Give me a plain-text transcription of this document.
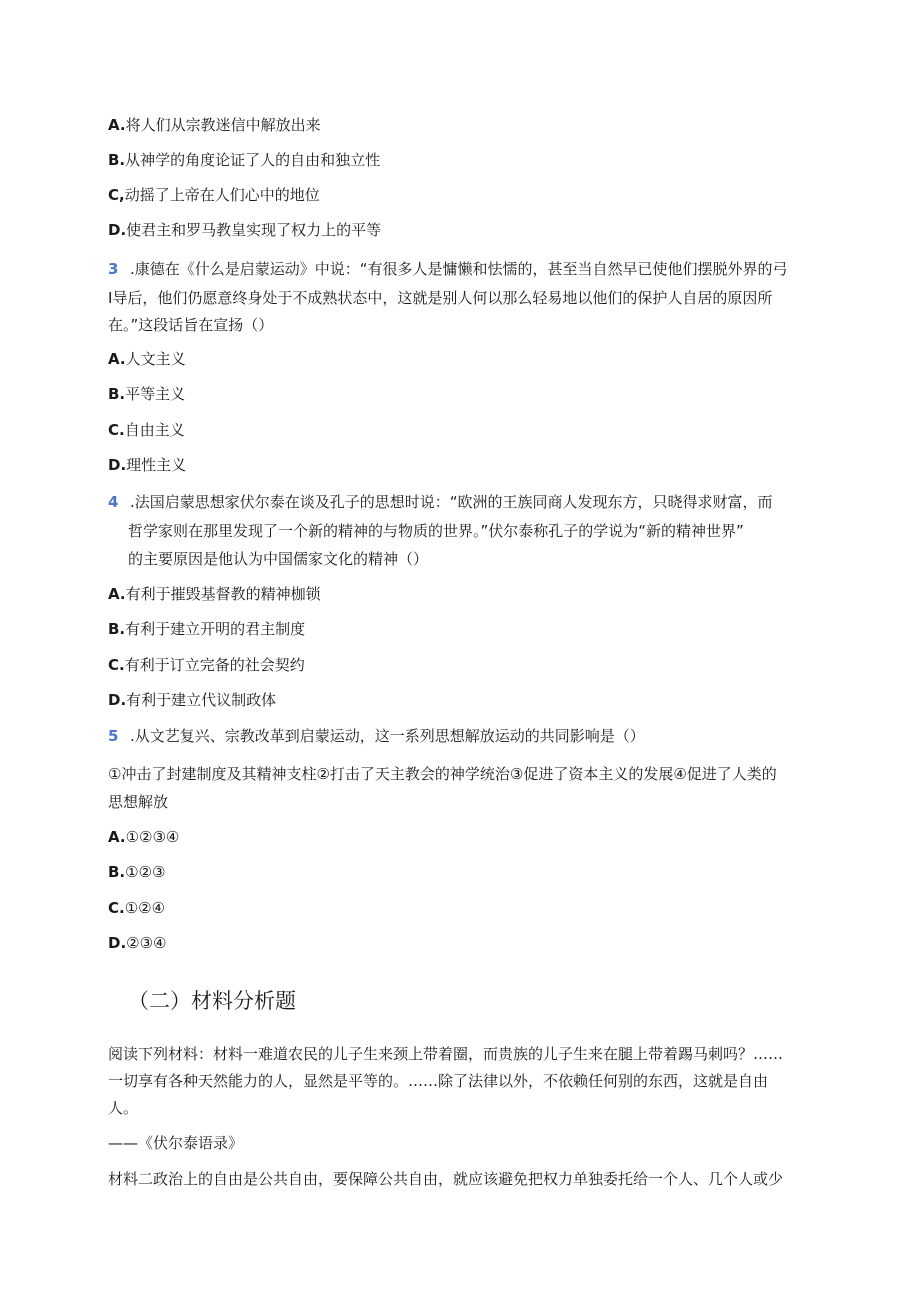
A.将人们从宗教迷信中解放出来
B.从神学的角度论证了人的自由和独立性
C,动摇了上帝在人们心中的地位
D.使君主和罗马教皇实现了权力上的平等
3 .康德在《什么是启蒙运动》中说：“有很多人是慵懒和怯懦的，甚至当自然早已使他们摆脱外界的弓
I导后，他们仍愿意终身处于不成熟状态中，这就是别人何以那么轻易地以他们的保护人自居的原因所
在。”这段话旨在宣扬（）
A.人文主义
B.平等主义
C.自由主义
D.理性主义
4 .法国启蒙思想家伏尔泰在谈及孔子的思想时说：“欧洲的王族同商人发现东方，只晓得求财富，而
哲学家则在那里发现了一个新的精神的与物质的世界。”伏尔泰称孔子的学说为“新的精神世界”
的主要原因是他认为中国儒家文化的精神（）
A.有利于摧毁基督教的精神枷锁
B.有利于建立开明的君主制度
C.有利于订立完备的社会契约
D.有利于建立代议制政体
5 .从文艺复兴、宗教改革到启蒙运动，这一系列思想解放运动的共同影响是（）
①冲击了封建制度及其精神支柱②打击了天主教会的神学统治③促进了资本主义的发展④促进了人类的
思想解放
A.①②③④
B.①②③
C.①②④
D.②③④
（二）材料分析题
阅读下列材料：材料一难道农民的儿子生来颈上带着圈，而贵族的儿子生来在腿上带着踢马刺吗？……
一切享有各种天然能力的人，显然是平等的。……除了法律以外，不依赖任何别的东西，这就是自由
人。
——《伏尔泰语录》
材料二政治上的自由是公共自由，要保障公共自由，就应该避免把权力单独委托给一个人、几个人或少
